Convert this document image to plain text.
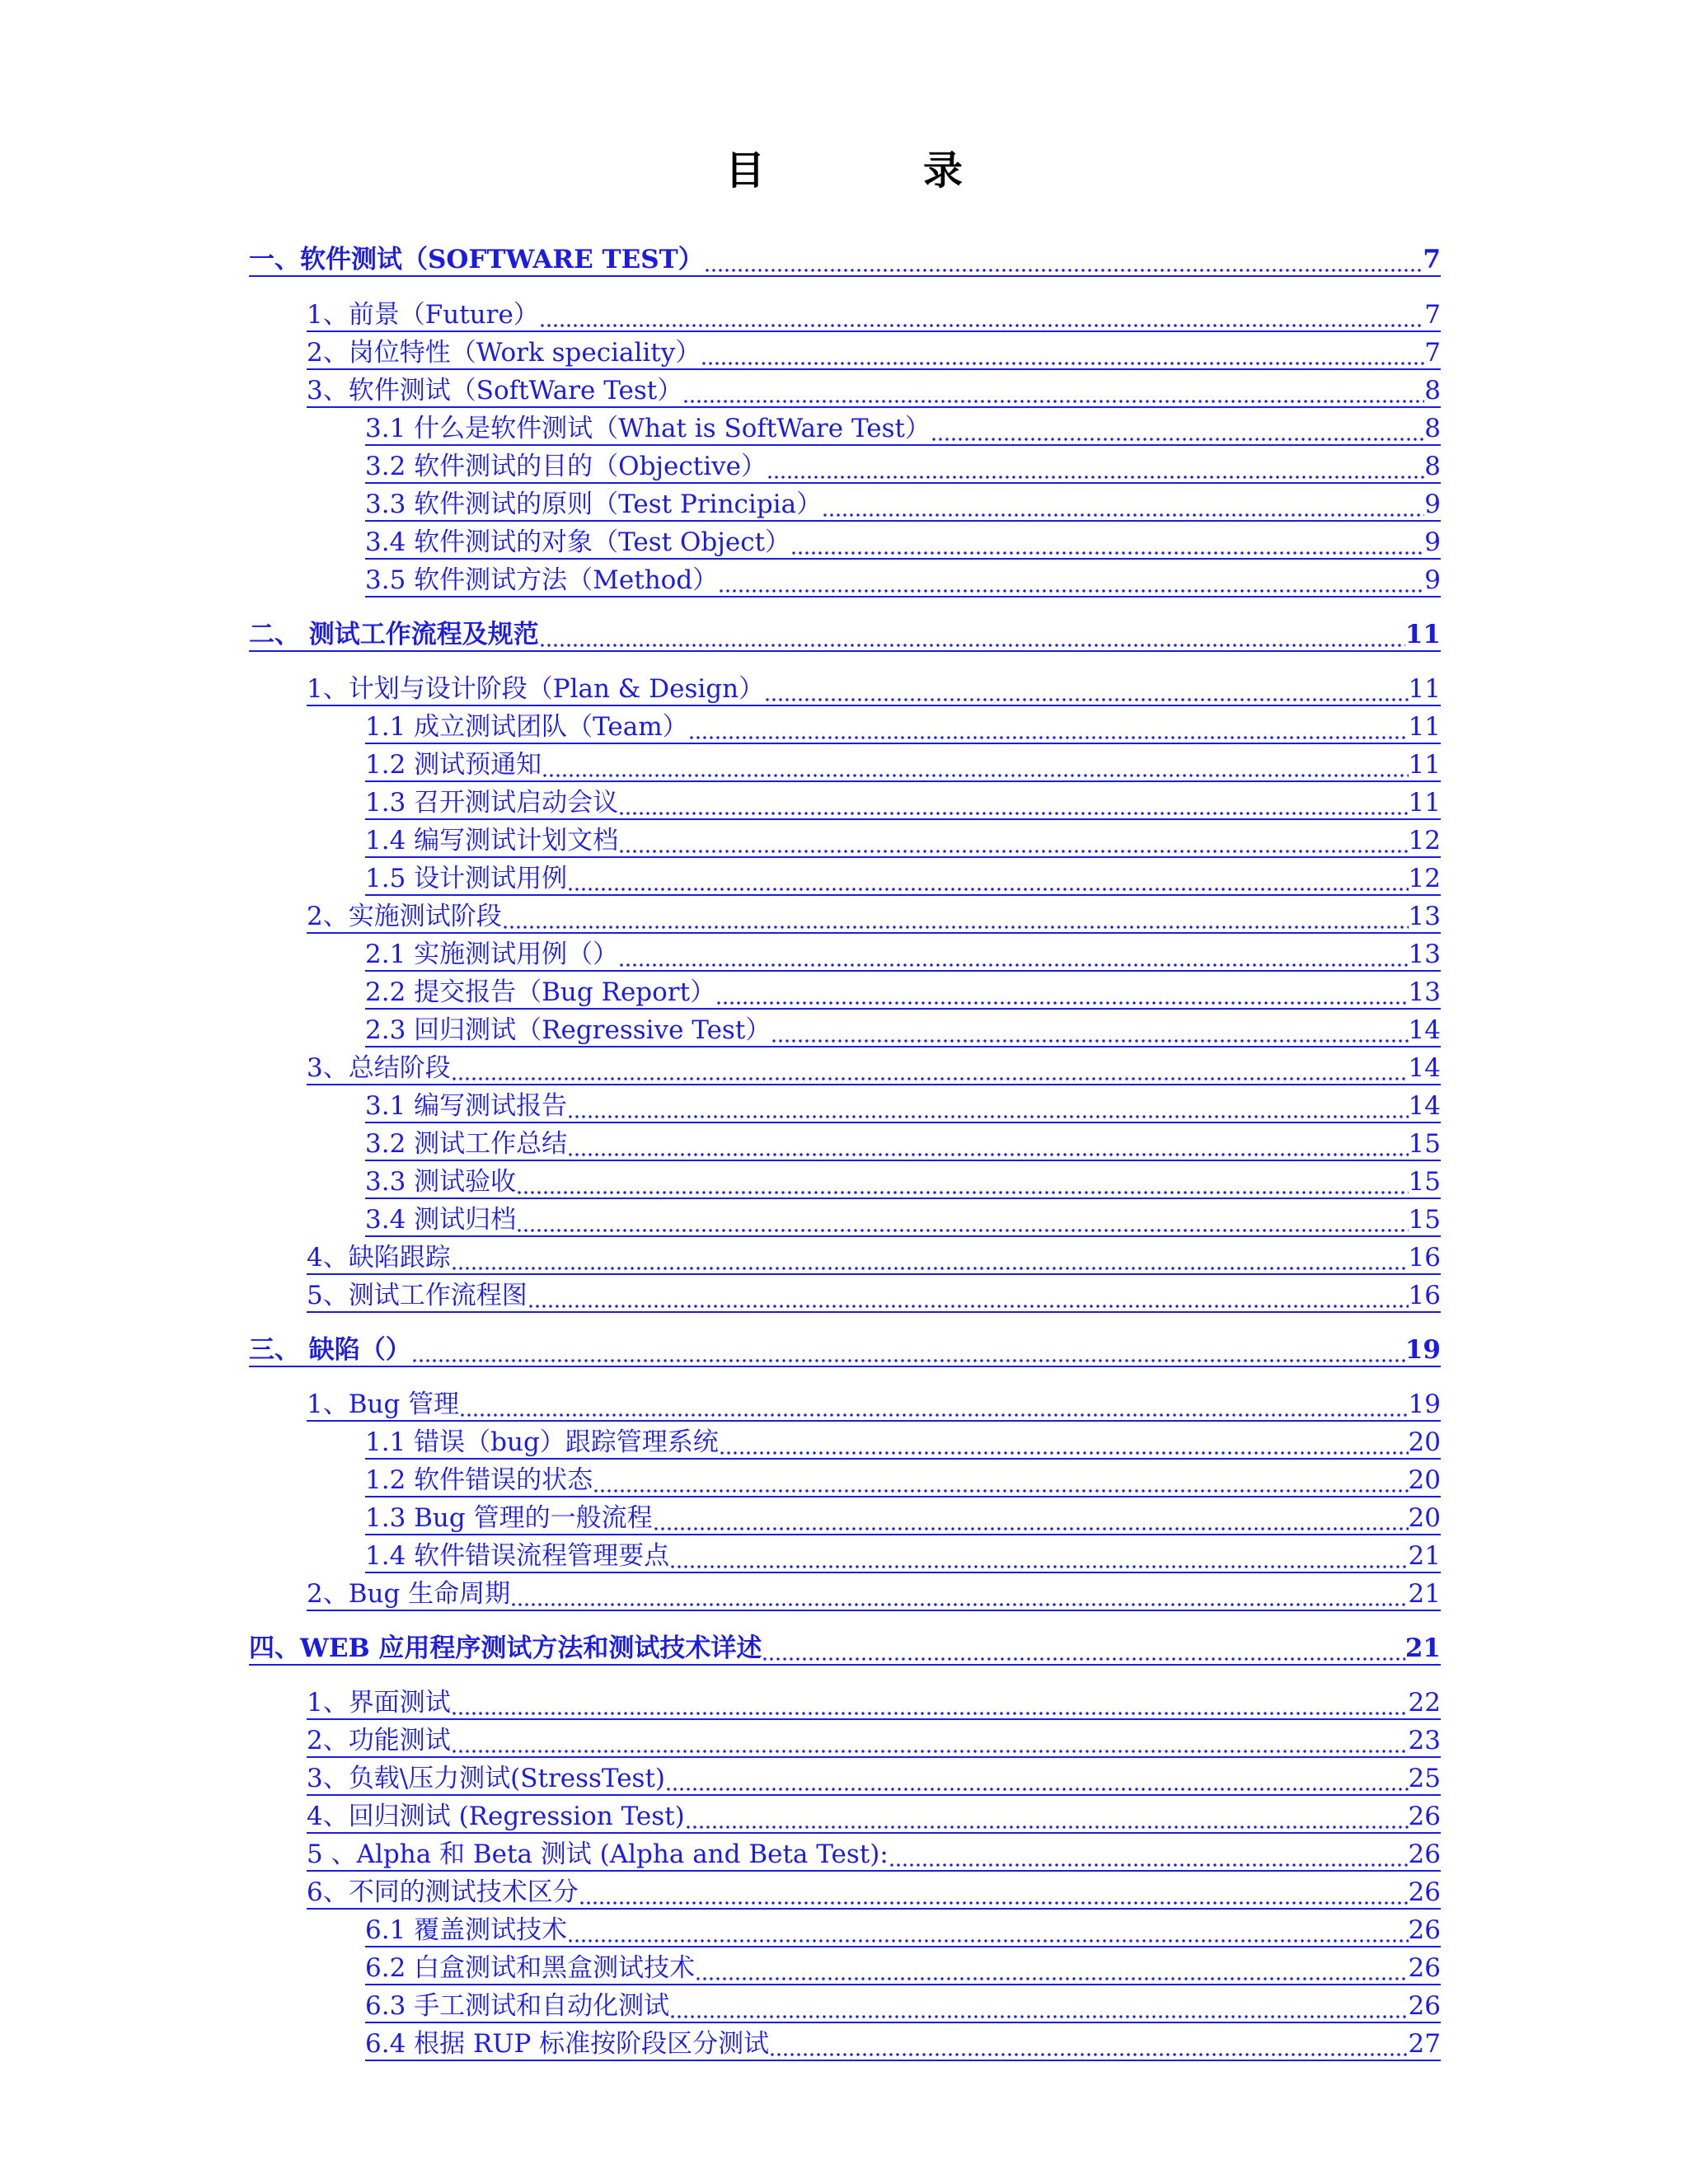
目　录
一、软件测试（SOFTWARE TEST）	7
1、前景（Future）	7
2、岗位特性（Work speciality）	7
3、软件测试（SoftWare Test）	8
3.1 什么是软件测试（What is SoftWare Test）	8
3.2 软件测试的目的（Objective）	8
3.3 软件测试的原则（Test Principia）	9
3.4 软件测试的对象（Test Object）	9
3.5 软件测试方法（Method）	9
二、 测试工作流程及规范	11
1、计划与设计阶段（Plan & Design）	11
1.1 成立测试团队（Team）	11
1.2 测试预通知	11
1.3 召开测试启动会议	11
1.4 编写测试计划文档	12
1.5 设计测试用例	12
2、实施测试阶段	13
2.1 实施测试用例（）	13
2.2 提交报告（Bug Report）	13
2.3 回归测试（Regressive Test）	14
3、总结阶段	14
3.1 编写测试报告	14
3.2 测试工作总结	15
3.3 测试验收	15
3.4 测试归档	15
4、缺陷跟踪	16
5、测试工作流程图	16
三、 缺陷（）	19
1、Bug 管理	19
1.1 错误（bug）跟踪管理系统	20
1.2 软件错误的状态	20
1.3 Bug 管理的一般流程	20
1.4 软件错误流程管理要点	21
2、Bug 生命周期	21
四、WEB 应用程序测试方法和测试技术详述	21
1、界面测试	22
2、功能测试	23
3、负载\压力测试(StressTest)	25
4、回归测试 (Regression Test)	26
5 、Alpha 和 Beta 测试 (Alpha and Beta Test):	26
6、不同的测试技术区分	26
6.1 覆盖测试技术	26
6.2 白盒测试和黑盒测试技术	26
6.3 手工测试和自动化测试	26
6.4 根据 RUP 标准按阶段区分测试	27
